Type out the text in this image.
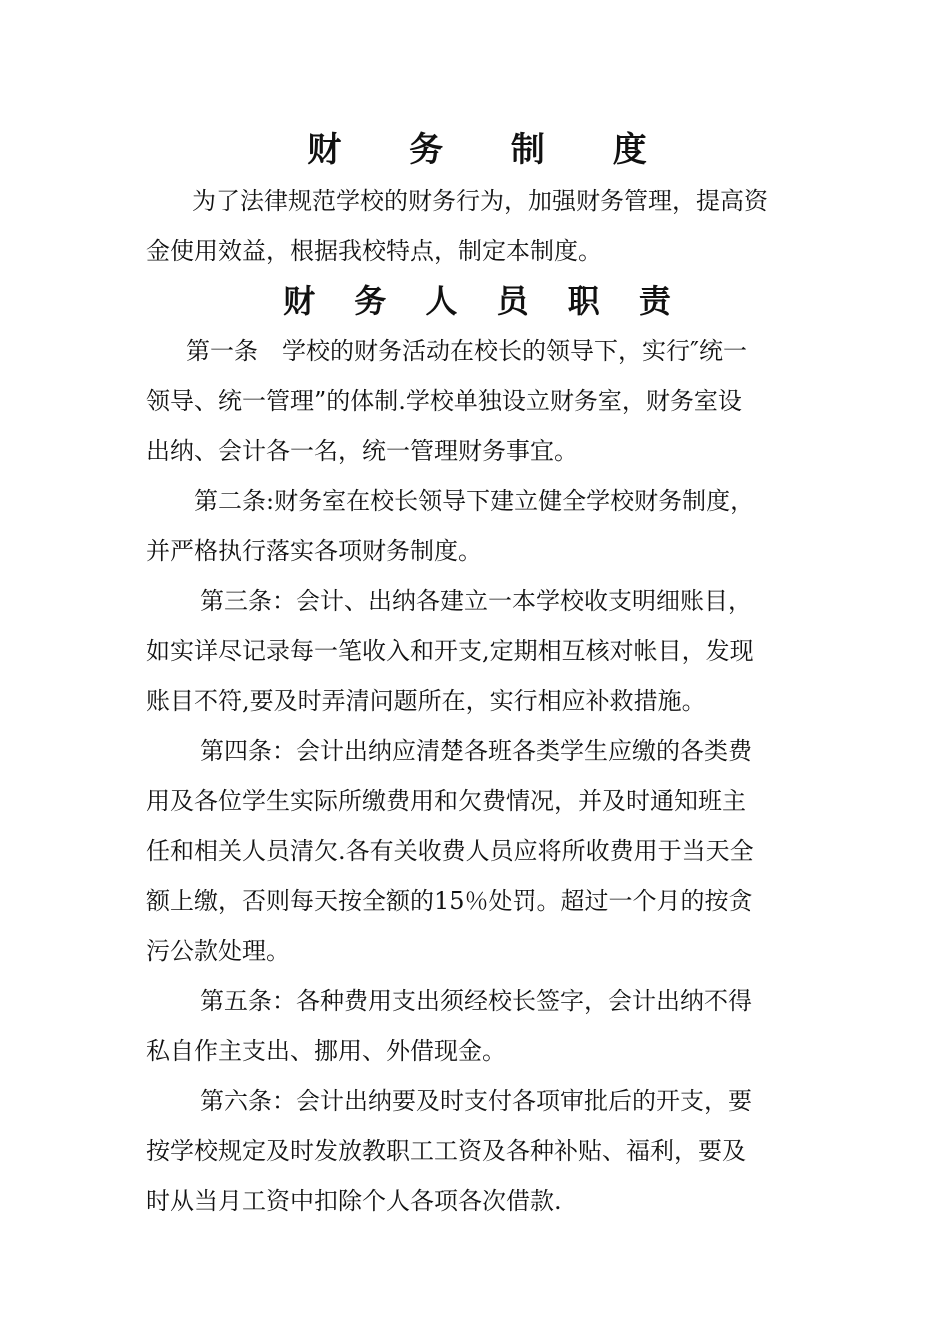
财 务 制 度
为了法律规范学校的财务行为，加强财务管理，提高资
金使用效益，根据我校特点，制定本制度。
财 务 人 员 职 责
第一条　学校的财务活动在校长的领导下，实行″统一
领导、统一管理”的体制.学校单独设立财务室，财务室设
出纳、会计各一名，统一管理财务事宜。
第二条:财务室在校长领导下建立健全学校财务制度，
并严格执行落实各项财务制度。
第三条：会计、出纳各建立一本学校收支明细账目，
如实详尽记录每一笔收入和开支,定期相互核对帐目，发现
账目不符,要及时弄清问题所在，实行相应补救措施。
第四条：会计出纳应清楚各班各类学生应缴的各类费
用及各位学生实际所缴费用和欠费情况，并及时通知班主
任和相关人员清欠.各有关收费人员应将所收费用于当天全
额上缴，否则每天按全额的15％处罚。超过一个月的按贪
污公款处理。
第五条：各种费用支出须经校长签字，会计出纳不得
私自作主支出、挪用、外借现金。
第六条：会计出纳要及时支付各项审批后的开支，要
按学校规定及时发放教职工工资及各种补贴、福利，要及
时从当月工资中扣除个人各项各次借款.
